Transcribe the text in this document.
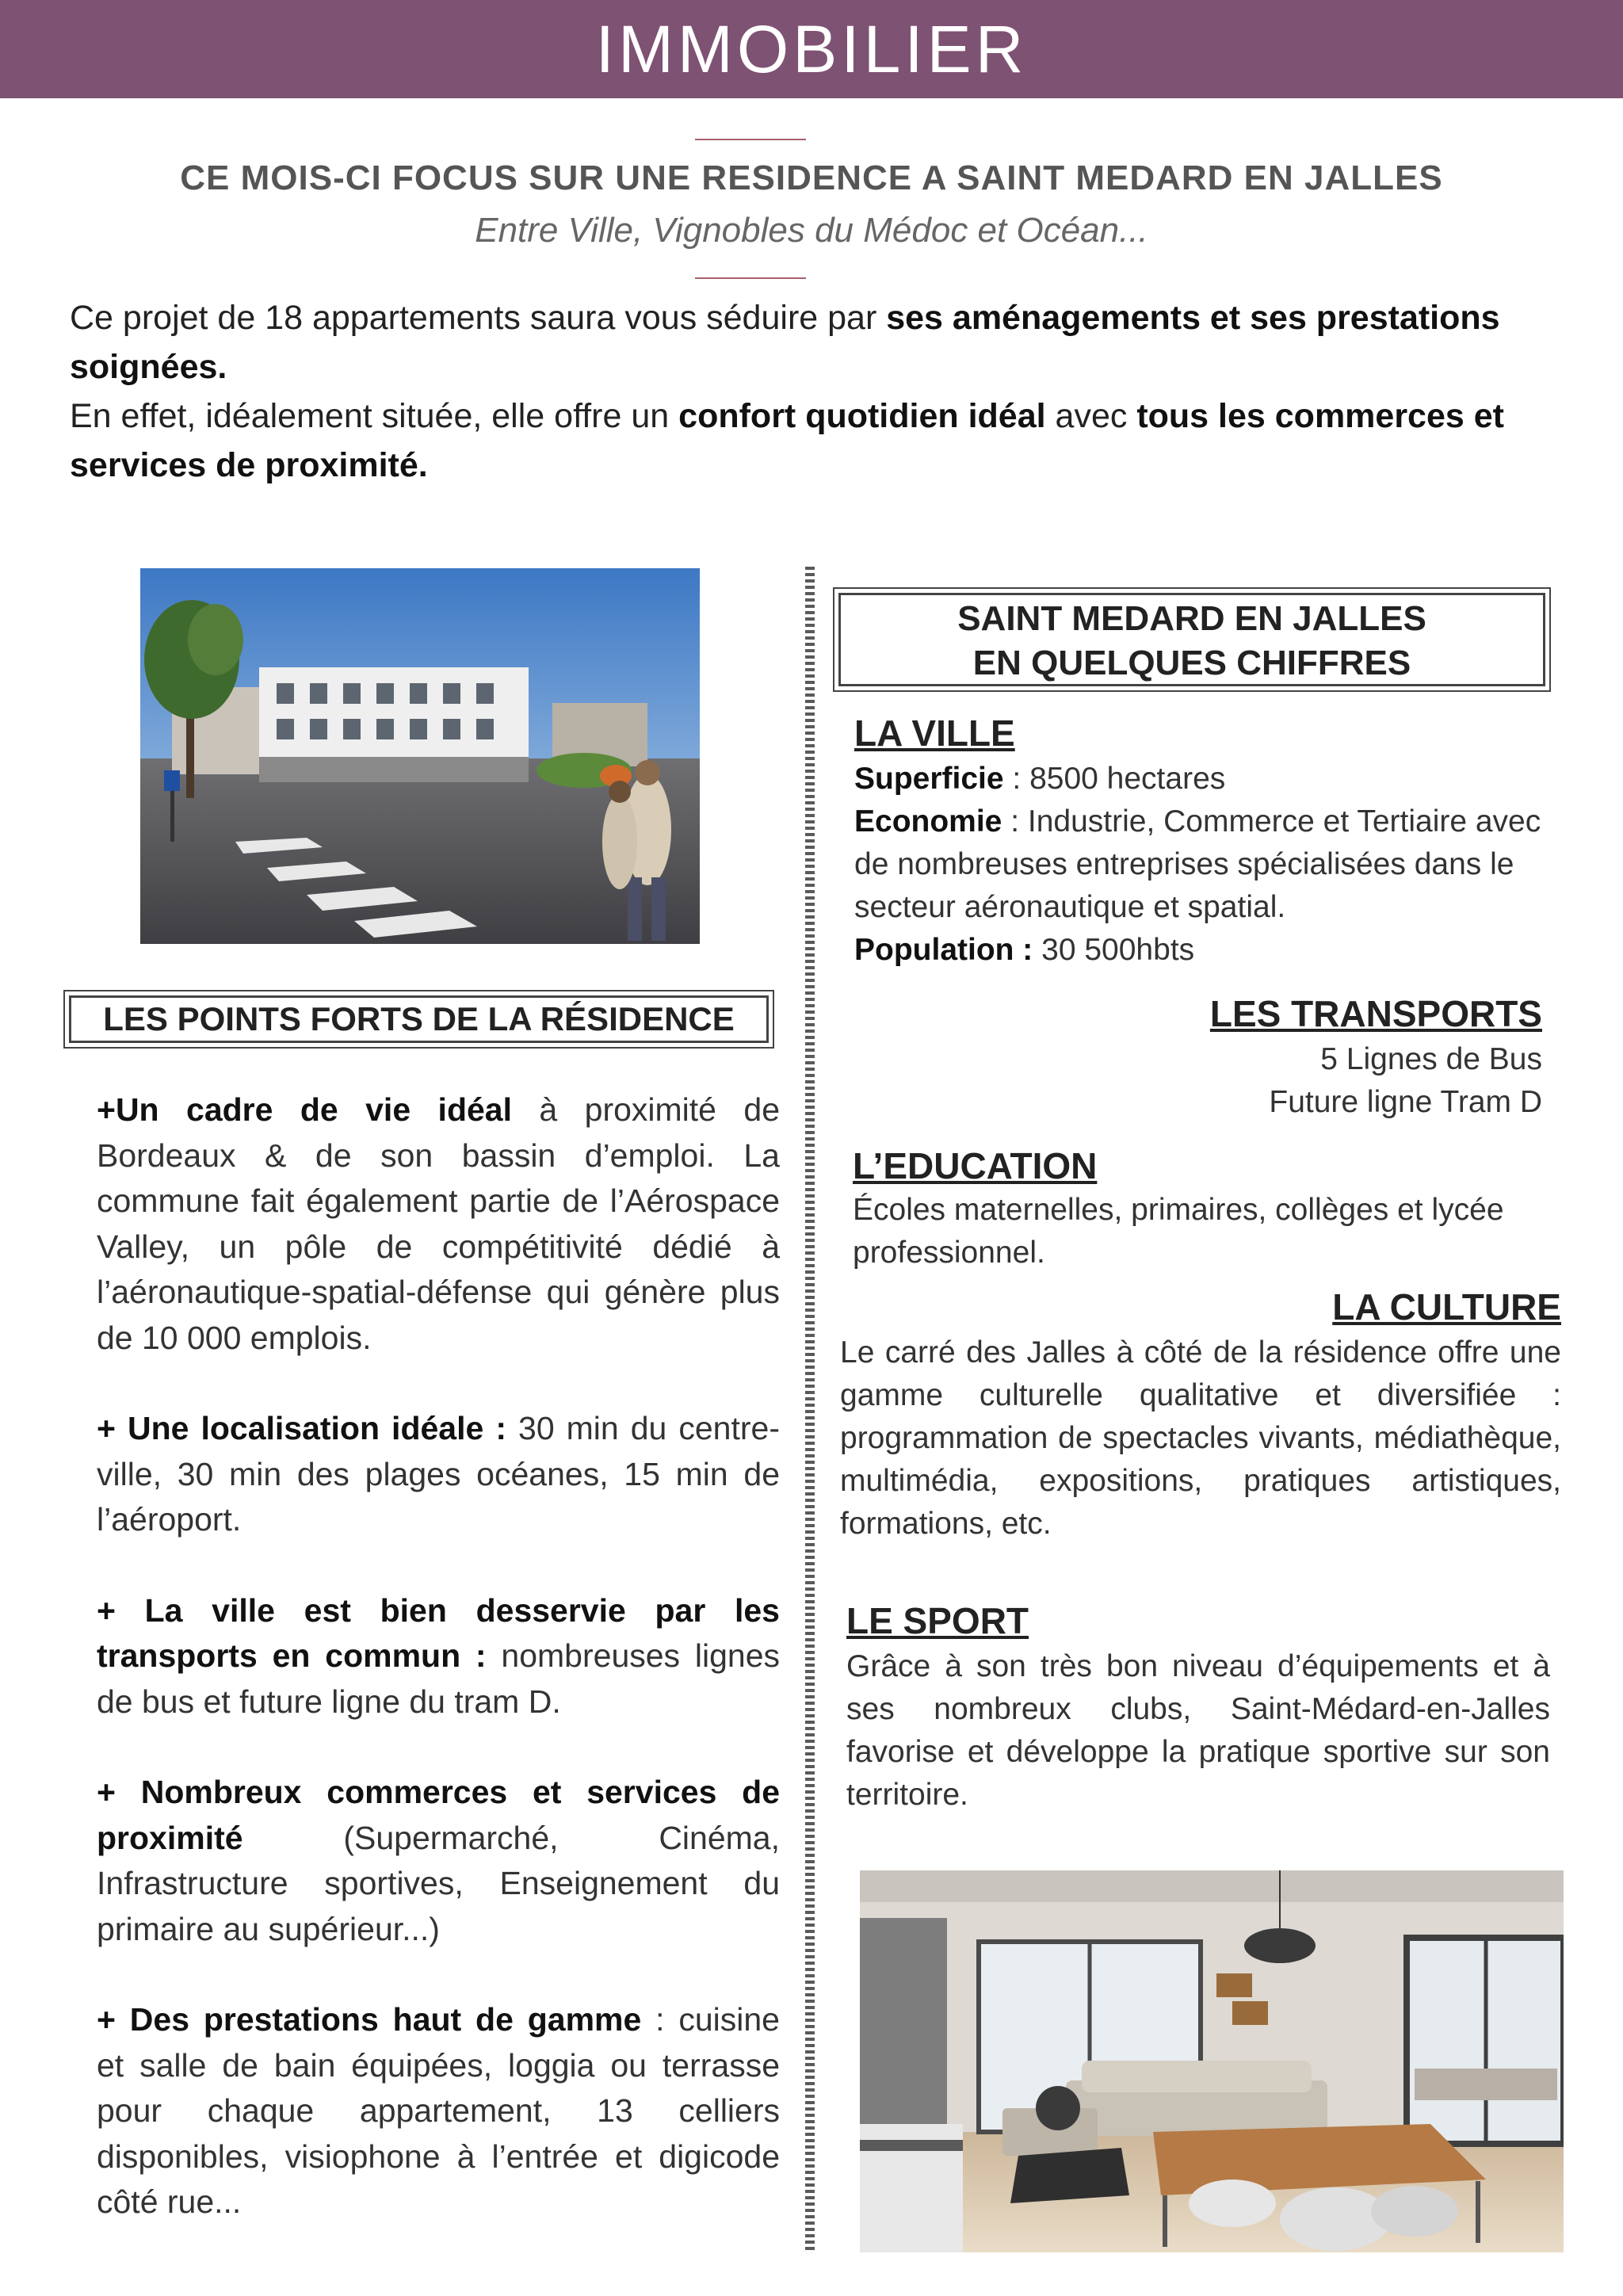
IMMOBILIER
CE MOIS-CI FOCUS SUR UNE RESIDENCE A SAINT MEDARD EN JALLES
Entre Ville, Vignobles du Médoc et Océan...
Ce projet de 18 appartements saura vous séduire par ses aménagements et ses prestations soignées.
En effet, idéalement située, elle offre un confort quotidien idéal avec tous les commerces et services de proximité.
LES POINTS FORTS DE LA RÉSIDENCE

+Un cadre de vie idéal à proximité de Bordeaux & de son bassin d’emploi. La commune fait également partie de l’Aérospace Valley, un pôle de compétitivité dédié à l’aéronautique-spatial-défense qui génère plus de 10 000 emplois.

+ Une localisation idéale : 30 min du centre-ville, 30 min des plages océanes, 15 min de l’aéroport.

+ La ville est bien desservie par les transports en commun : nombreuses lignes de bus et future ligne du tram D.

+ Nombreux commerces et services de proximité (Supermarché, Cinéma, Infrastructure sportives, Enseignement du primaire au supérieur...)

+ Des prestations haut de gamme : cuisine et salle de bain équipées, loggia ou terrasse pour chaque appartement, 13 celliers disponibles, visiophone à l’entrée et digicode côté rue...

SAINT MEDARD EN JALLES
EN QUELQUES CHIFFRES
LA VILLE
Superficie : 8500 hectares
Economie : Industrie, Commerce et Tertiaire avec de nombreuses entreprises spécialisées dans le secteur aéronautique et spatial.
Population : 30 500hbts
LES TRANSPORTS
5 Lignes de Bus
Future ligne Tram D
L’EDUCATION
Écoles maternelles, primaires, collèges et lycée professionnel.
LA CULTURE
Le carré des Jalles à côté de la résidence offre une gamme culturelle qualitative et diversifiée : programmation de spectacles vivants, médiathèque, multimédia, expositions, pratiques artistiques, formations, etc.
LE SPORT
Grâce à son très bon niveau d’équipements et à ses nombreux clubs, Saint-Médard-en-Jalles favorise et développe la pratique sportive sur son territoire.
